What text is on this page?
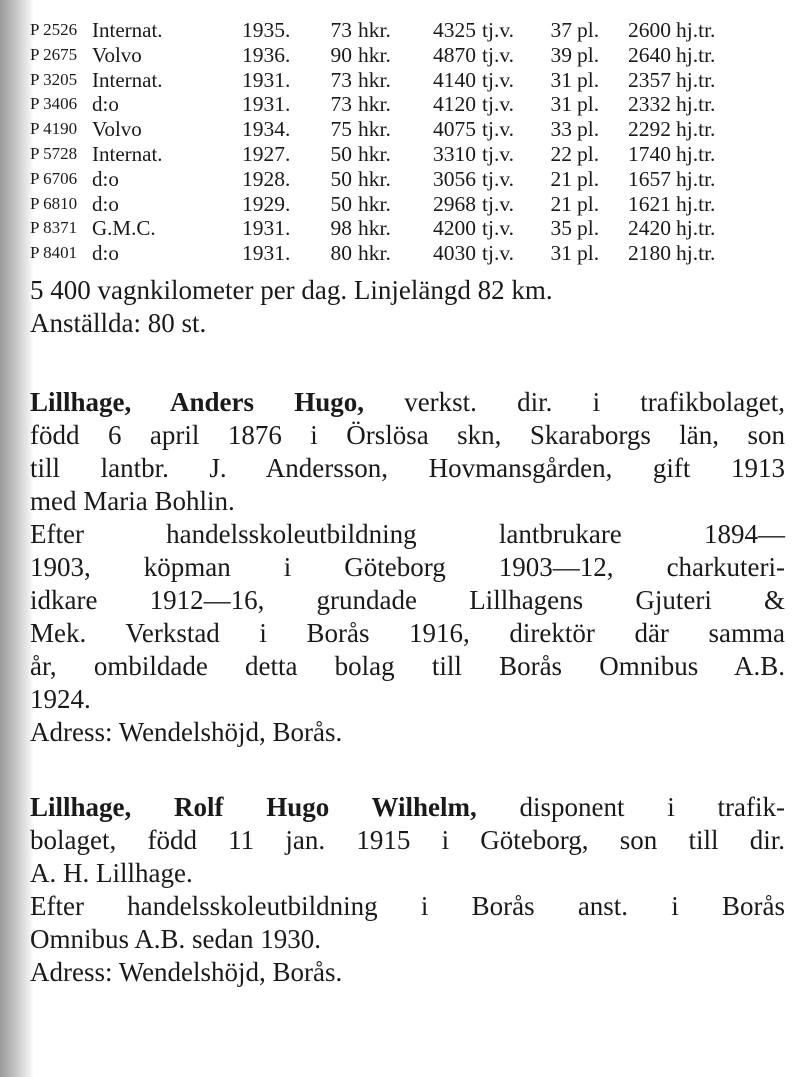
P 2526	Internat.	1935.	73	hkr.	4325	tj.v.	37	pl.	2600	hj.tr.
P 2675	Volvo	1936.	90	hkr.	4870	tj.v.	39	pl.	2640	hj.tr.
P 3205	Internat.	1931.	73	hkr.	4140	tj.v.	31	pl.	2357	hj.tr.
P 3406	d:o	1931.	73	hkr.	4120	tj.v.	31	pl.	2332	hj.tr.
P 4190	Volvo	1934.	75	hkr.	4075	tj.v.	33	pl.	2292	hj.tr.
P 5728	Internat.	1927.	50	hkr.	3310	tj.v.	22	pl.	1740	hj.tr.
P 6706	d:o	1928.	50	hkr.	3056	tj.v.	21	pl.	1657	hj.tr.
P 6810	d:o	1929.	50	hkr.	2968	tj.v.	21	pl.	1621	hj.tr.
P 8371	G.M.C.	1931.	98	hkr.	4200	tj.v.	35	pl.	2420	hj.tr.
P 8401	d:o	1931.	80	hkr.	4030	tj.v.	31	pl.	2180	hj.tr.

5 400 vagnkilometer per dag. Linjelängd 82 km.

Anställda: 80 st.

Lillhage, Anders Hugo, verkst. dir. i trafikbolaget,

född 6 april 1876 i Örslösa skn, Skaraborgs län, son

till lantbr. J. Andersson, Hovmansgården, gift 1913

med Maria Bohlin.

Efter handelsskoleutbildning lantbrukare 1894—

1903, köpman i Göteborg 1903—12, charkuteri-

idkare 1912—16, grundade Lillhagens Gjuteri &

Mek. Verkstad i Borås 1916, direktör där samma

år, ombildade detta bolag till Borås Omnibus A.B.

1924.

Adress: Wendelshöjd, Borås.

Lillhage, Rolf Hugo Wilhelm, disponent i trafik-

bolaget, född 11 jan. 1915 i Göteborg, son till dir.

A. H. Lillhage.

Efter handelsskoleutbildning i Borås anst. i Borås

Omnibus A.B. sedan 1930.

Adress: Wendelshöjd, Borås.
